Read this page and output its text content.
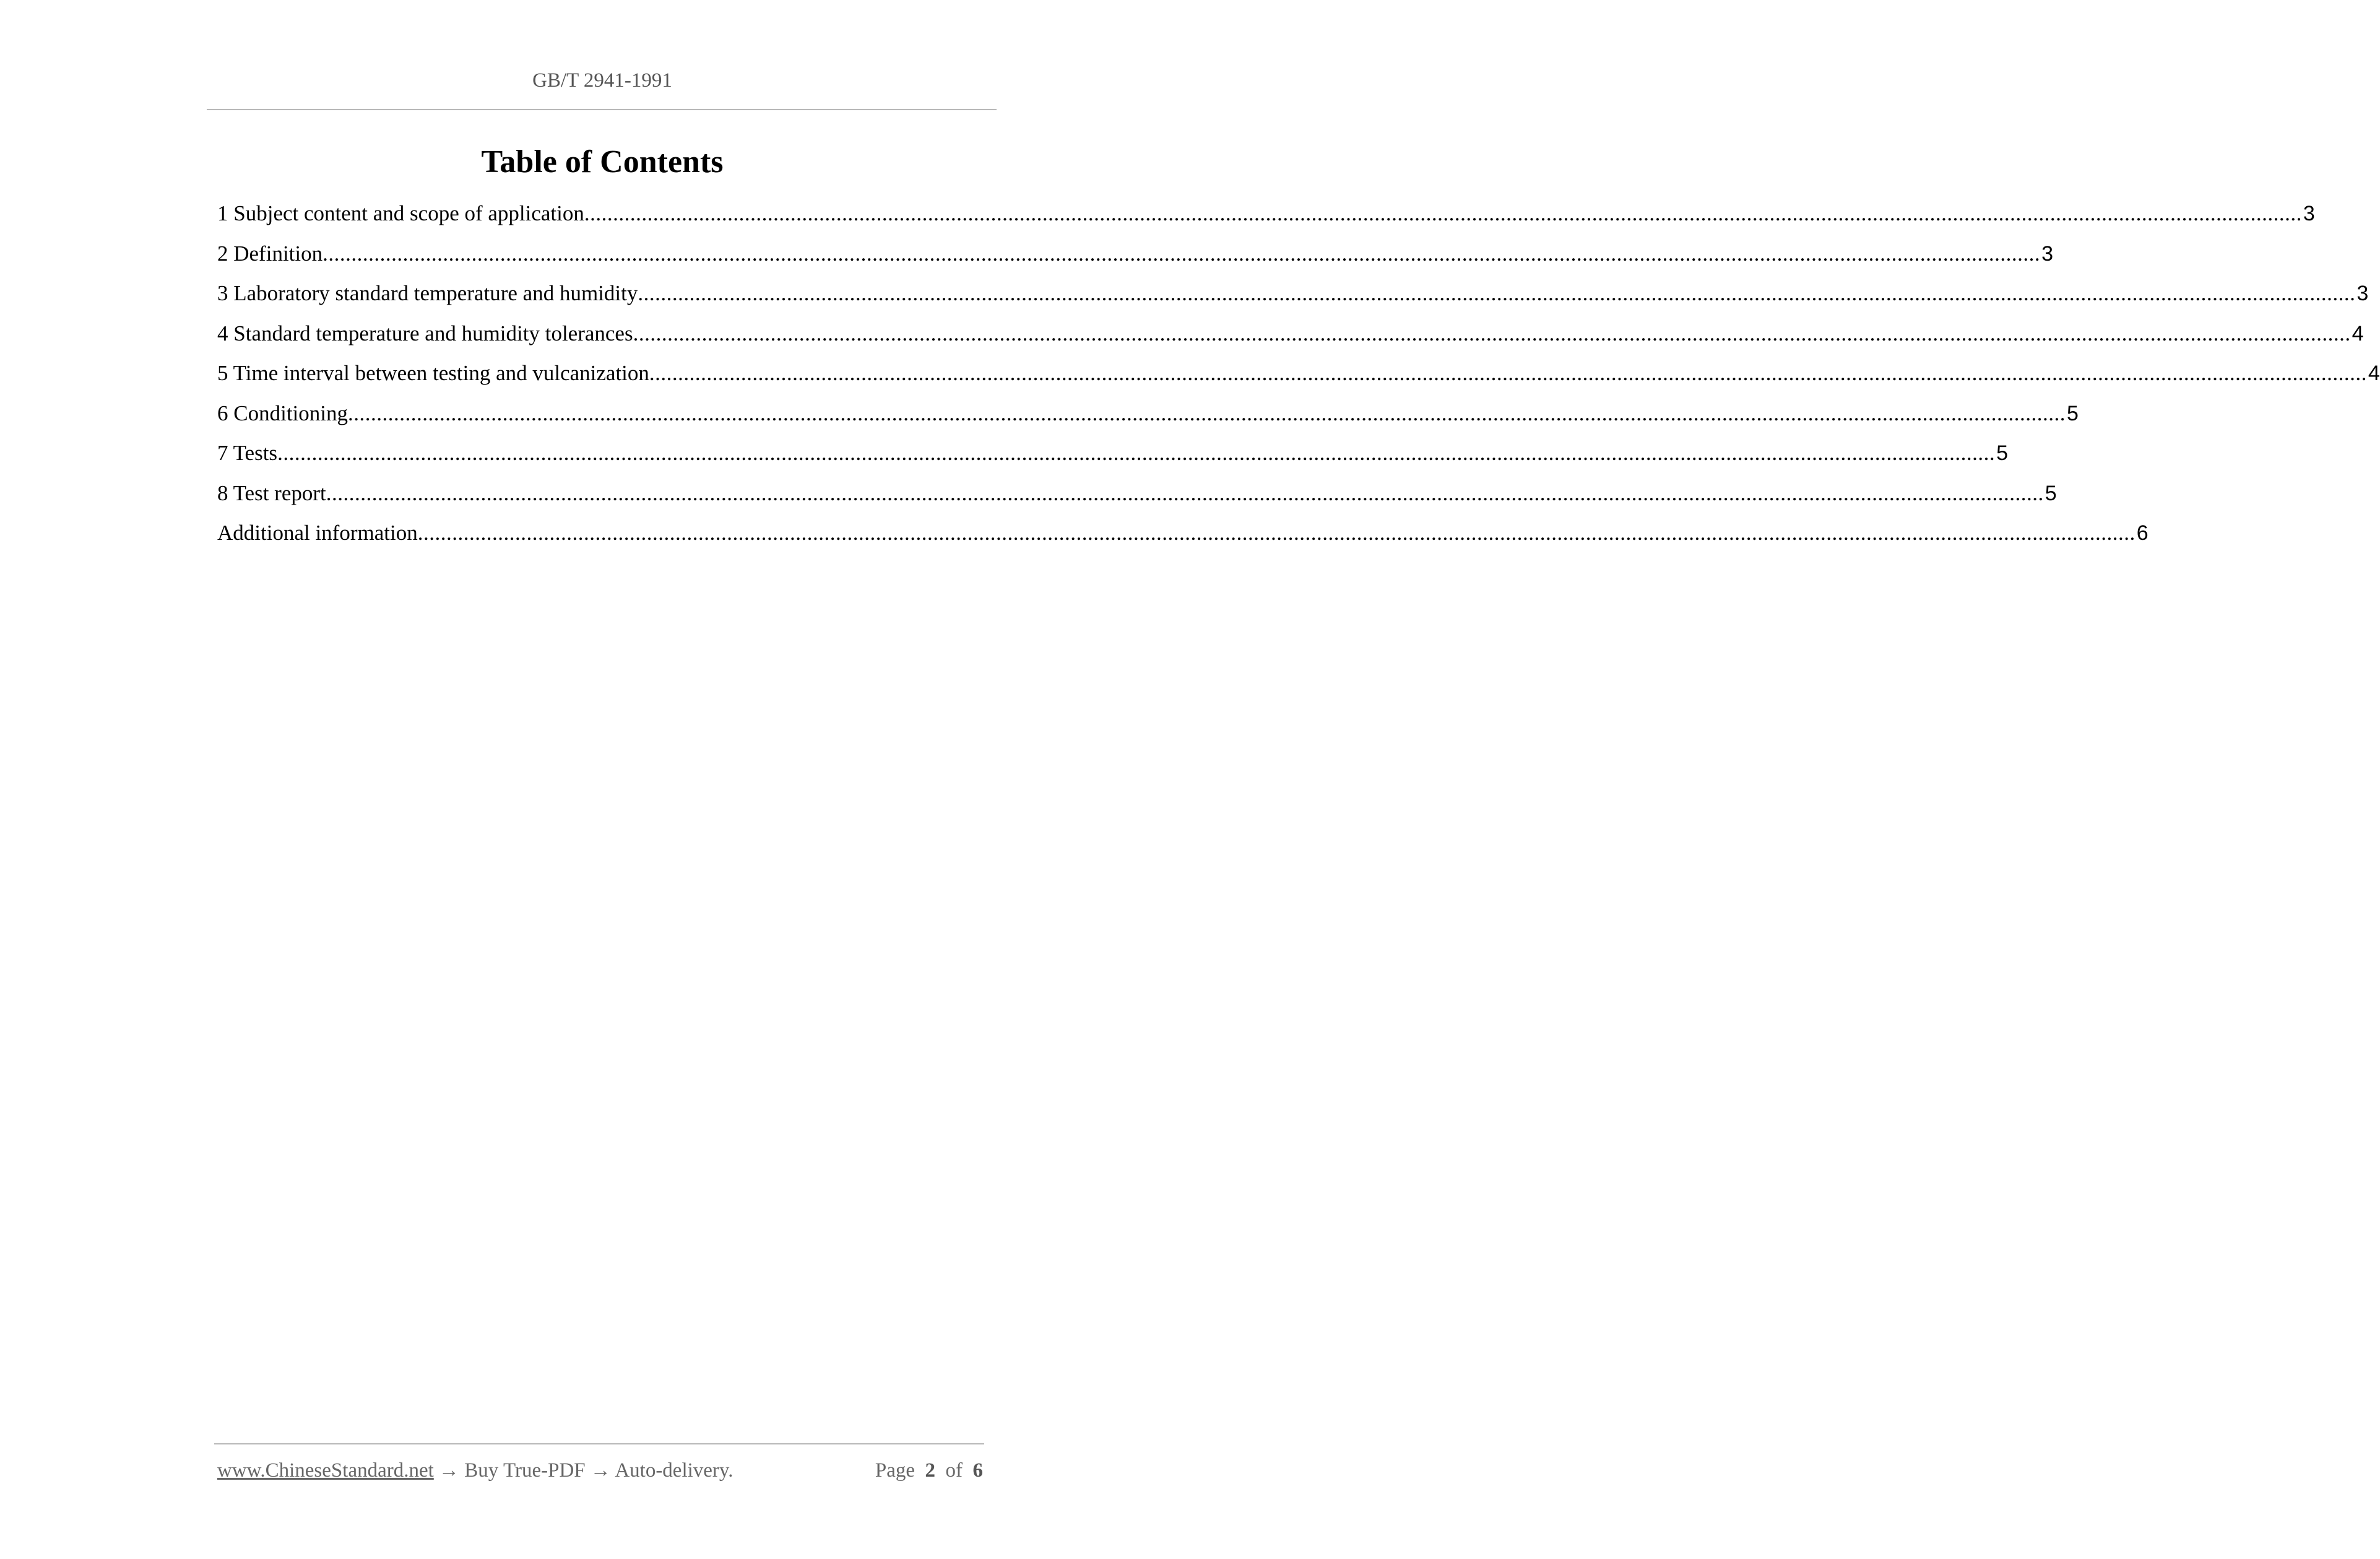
GB/T 2941-1991
Table of Contents
1 Subject content and scope of application ............................................................................................................................................................................................................................................................................................................ 3
2 Definition ............................................................................................................................................................................................................................................................................................................ 3
3 Laboratory standard temperature and humidity ............................................................................................................................................................................................................................................................................................................ 3
4 Standard temperature and humidity tolerances ............................................................................................................................................................................................................................................................................................................ 4
5 Time interval between testing and vulcanization ............................................................................................................................................................................................................................................................................................................ 4
6 Conditioning ............................................................................................................................................................................................................................................................................................................ 5
7 Tests ............................................................................................................................................................................................................................................................................................................ 5
8 Test report ............................................................................................................................................................................................................................................................................................................ 5
Additional information ............................................................................................................................................................................................................................................................................................................ 6
www.ChineseStandard.net → Buy True-PDF → Auto-delivery.	Page 2 of 6
